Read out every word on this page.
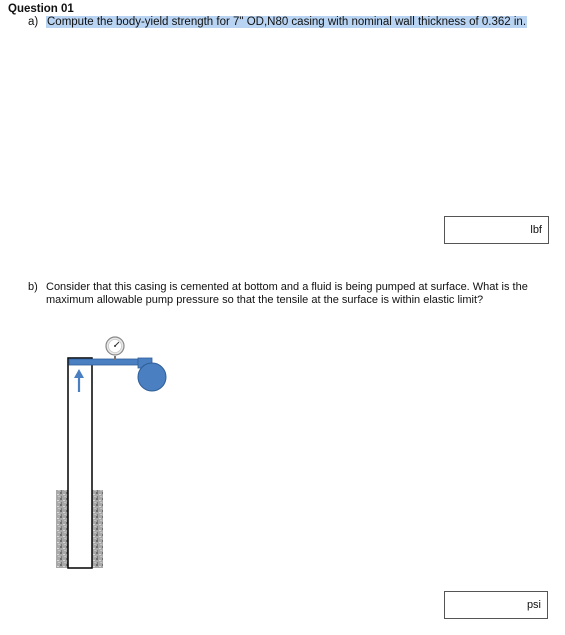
Question 01
a) Compute the body-yield strength for 7" OD,N80 casing with nominal wall thickness of 0.362 in.
lbf
b) Consider that this casing is cemented at bottom and a fluid is being pumped at surface. What is the maximum allowable pump pressure so that the tensile at the surface is within elastic limit?
psi
